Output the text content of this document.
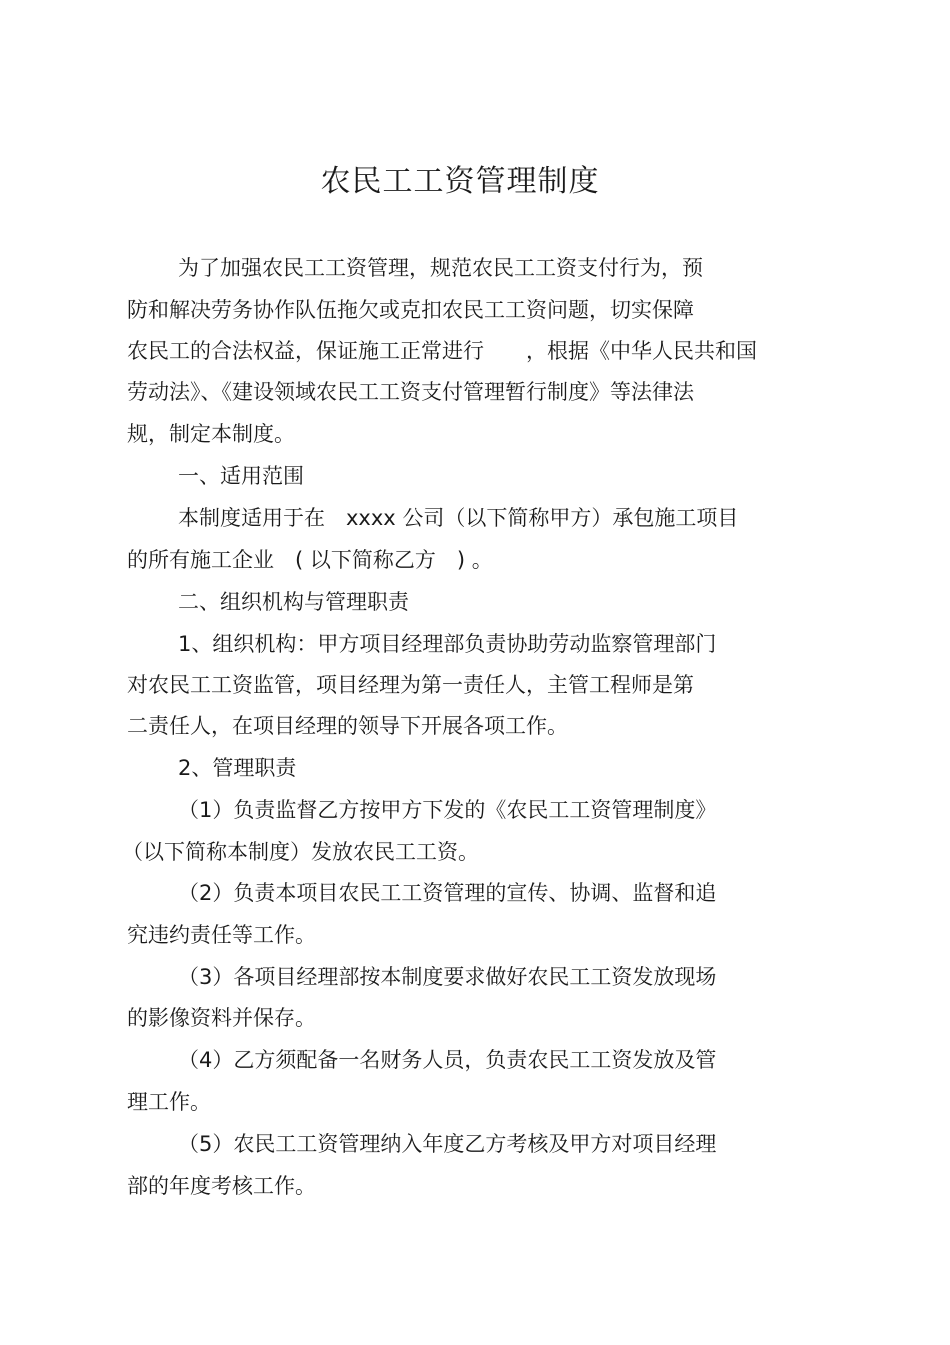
农民工工资管理制度
为了加强农民工工资管理，规范农民工工资支付行为，预
防和解决劳务协作队伍拖欠或克扣农民工工资问题，切实保障
农民工的合法权益，保证施工正常进行　　，根据《中华人民共和国
劳动法》、《建设领域农民工工资支付管理暂行制度》等法律法
规，制定本制度。
一、适用范围
本制度适用于在　xxxx 公司（以下简称甲方）承包施工项目
的所有施工企业　( 以下简称乙方　) 。
二、组织机构与管理职责
1、组织机构：甲方项目经理部负责协助劳动监察管理部门
对农民工工资监管，项目经理为第一责任人，主管工程师是第
二责任人，在项目经理的领导下开展各项工作。
2、管理职责
（1）负责监督乙方按甲方下发的《农民工工资管理制度》
（以下简称本制度）发放农民工工资。
（2）负责本项目农民工工资管理的宣传、协调、监督和追
究违约责任等工作。
（3）各项目经理部按本制度要求做好农民工工资发放现场
的影像资料并保存。
（4）乙方须配备一名财务人员，负责农民工工资发放及管
理工作。
（5）农民工工资管理纳入年度乙方考核及甲方对项目经理
部的年度考核工作。
